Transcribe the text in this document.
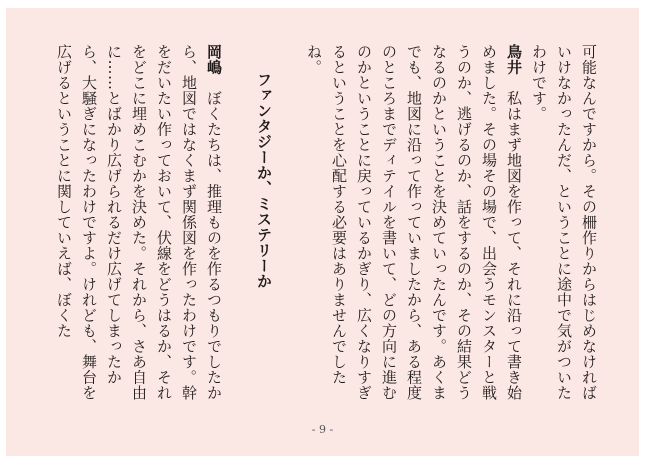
可能なんですから。その柵作りからはじめなければいけなかったんだ、ということに途中で気がついたわけです。

鳥井　私はまず地図を作って、それに沿って書き始めました。その場その場で、出会うモンスターと戦うのか、逃げるのか、話をするのか、その結果どうなるのかということを決めていったんです。あくまでも、地図に沿って作っていましたから、ある程度のところまでディテイルを書いて、どの方向に進むのかということに戻っているかぎり、広くなりすぎるということを心配する必要はありませんでしたね。

ファンタジーか、ミステリーか

岡嶋　ぼくたちは、推理ものを作るつもりでしたから、地図ではなくまず関係図を作ったわけです。幹をだいたい作っておいて、伏線をどうはるか、それをどこに埋めこむかを決めた。それから、さあ自由に……とばかり広げられるだけ広げてしまったから、大騒ぎになったわけですよ。けれども、舞台を広げるということに関していえば、ぼくた

- 9 -
